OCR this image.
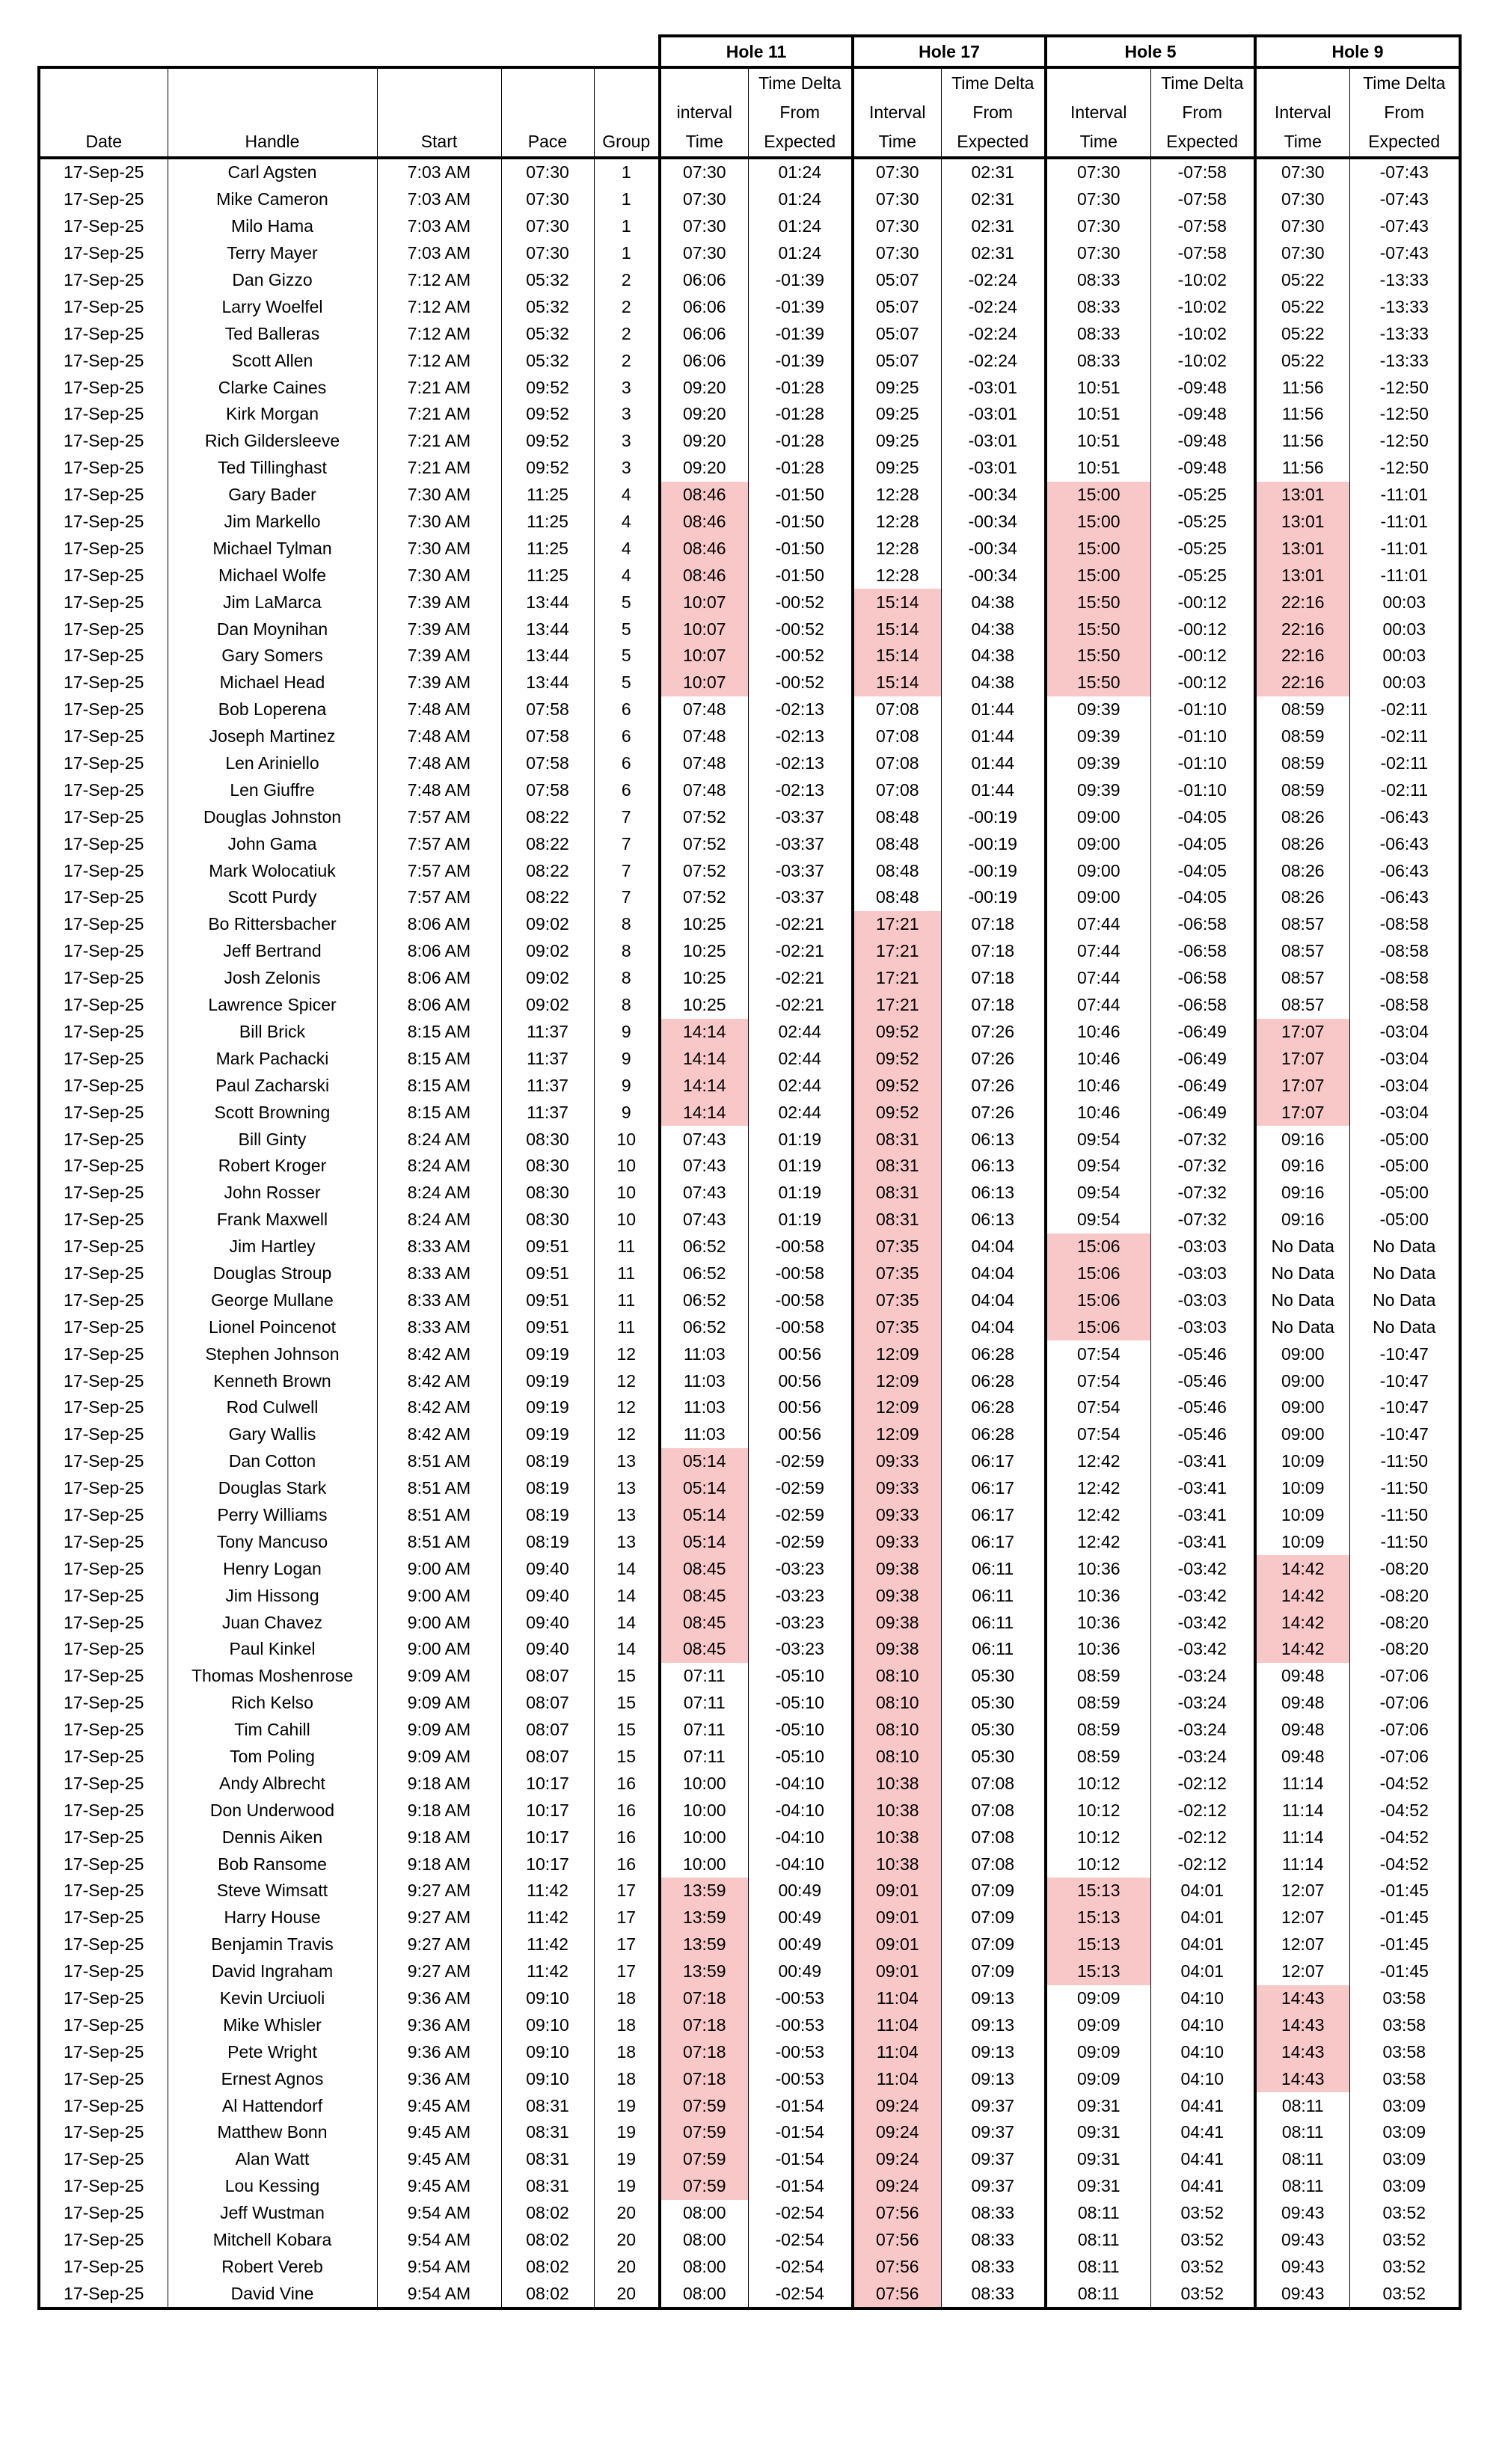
					Hole 11		Hole 17		Hole 5		Hole 9	
						Time Delta		Time Delta		Time Delta		Time Delta
					interval	From	Interval	From	Interval	From	Interval	From
Date	Handle	Start	Pace	Group	Time	Expected	Time	Expected	Time	Expected	Time	Expected
17-Sep-25	Carl Agsten	7:03 AM	07:30	1	07:30	01:24	07:30	02:31	07:30	-07:58	07:30	-07:43
17-Sep-25	Mike Cameron	7:03 AM	07:30	1	07:30	01:24	07:30	02:31	07:30	-07:58	07:30	-07:43
17-Sep-25	Milo Hama	7:03 AM	07:30	1	07:30	01:24	07:30	02:31	07:30	-07:58	07:30	-07:43
17-Sep-25	Terry Mayer	7:03 AM	07:30	1	07:30	01:24	07:30	02:31	07:30	-07:58	07:30	-07:43
17-Sep-25	Dan Gizzo	7:12 AM	05:32	2	06:06	-01:39	05:07	-02:24	08:33	-10:02	05:22	-13:33
17-Sep-25	Larry Woelfel	7:12 AM	05:32	2	06:06	-01:39	05:07	-02:24	08:33	-10:02	05:22	-13:33
17-Sep-25	Ted Balleras	7:12 AM	05:32	2	06:06	-01:39	05:07	-02:24	08:33	-10:02	05:22	-13:33
17-Sep-25	Scott Allen	7:12 AM	05:32	2	06:06	-01:39	05:07	-02:24	08:33	-10:02	05:22	-13:33
17-Sep-25	Clarke Caines	7:21 AM	09:52	3	09:20	-01:28	09:25	-03:01	10:51	-09:48	11:56	-12:50
17-Sep-25	Kirk Morgan	7:21 AM	09:52	3	09:20	-01:28	09:25	-03:01	10:51	-09:48	11:56	-12:50
17-Sep-25	Rich Gildersleeve	7:21 AM	09:52	3	09:20	-01:28	09:25	-03:01	10:51	-09:48	11:56	-12:50
17-Sep-25	Ted Tillinghast	7:21 AM	09:52	3	09:20	-01:28	09:25	-03:01	10:51	-09:48	11:56	-12:50
17-Sep-25	Gary Bader	7:30 AM	11:25	4	08:46	-01:50	12:28	-00:34	15:00	-05:25	13:01	-11:01
17-Sep-25	Jim Markello	7:30 AM	11:25	4	08:46	-01:50	12:28	-00:34	15:00	-05:25	13:01	-11:01
17-Sep-25	Michael Tylman	7:30 AM	11:25	4	08:46	-01:50	12:28	-00:34	15:00	-05:25	13:01	-11:01
17-Sep-25	Michael Wolfe	7:30 AM	11:25	4	08:46	-01:50	12:28	-00:34	15:00	-05:25	13:01	-11:01
17-Sep-25	Jim LaMarca	7:39 AM	13:44	5	10:07	-00:52	15:14	04:38	15:50	-00:12	22:16	00:03
17-Sep-25	Dan Moynihan	7:39 AM	13:44	5	10:07	-00:52	15:14	04:38	15:50	-00:12	22:16	00:03
17-Sep-25	Gary Somers	7:39 AM	13:44	5	10:07	-00:52	15:14	04:38	15:50	-00:12	22:16	00:03
17-Sep-25	Michael Head	7:39 AM	13:44	5	10:07	-00:52	15:14	04:38	15:50	-00:12	22:16	00:03
17-Sep-25	Bob Loperena	7:48 AM	07:58	6	07:48	-02:13	07:08	01:44	09:39	-01:10	08:59	-02:11
17-Sep-25	Joseph Martinez	7:48 AM	07:58	6	07:48	-02:13	07:08	01:44	09:39	-01:10	08:59	-02:11
17-Sep-25	Len Ariniello	7:48 AM	07:58	6	07:48	-02:13	07:08	01:44	09:39	-01:10	08:59	-02:11
17-Sep-25	Len Giuffre	7:48 AM	07:58	6	07:48	-02:13	07:08	01:44	09:39	-01:10	08:59	-02:11
17-Sep-25	Douglas Johnston	7:57 AM	08:22	7	07:52	-03:37	08:48	-00:19	09:00	-04:05	08:26	-06:43
17-Sep-25	John Gama	7:57 AM	08:22	7	07:52	-03:37	08:48	-00:19	09:00	-04:05	08:26	-06:43
17-Sep-25	Mark Wolocatiuk	7:57 AM	08:22	7	07:52	-03:37	08:48	-00:19	09:00	-04:05	08:26	-06:43
17-Sep-25	Scott Purdy	7:57 AM	08:22	7	07:52	-03:37	08:48	-00:19	09:00	-04:05	08:26	-06:43
17-Sep-25	Bo Rittersbacher	8:06 AM	09:02	8	10:25	-02:21	17:21	07:18	07:44	-06:58	08:57	-08:58
17-Sep-25	Jeff Bertrand	8:06 AM	09:02	8	10:25	-02:21	17:21	07:18	07:44	-06:58	08:57	-08:58
17-Sep-25	Josh Zelonis	8:06 AM	09:02	8	10:25	-02:21	17:21	07:18	07:44	-06:58	08:57	-08:58
17-Sep-25	Lawrence Spicer	8:06 AM	09:02	8	10:25	-02:21	17:21	07:18	07:44	-06:58	08:57	-08:58
17-Sep-25	Bill Brick	8:15 AM	11:37	9	14:14	02:44	09:52	07:26	10:46	-06:49	17:07	-03:04
17-Sep-25	Mark Pachacki	8:15 AM	11:37	9	14:14	02:44	09:52	07:26	10:46	-06:49	17:07	-03:04
17-Sep-25	Paul Zacharski	8:15 AM	11:37	9	14:14	02:44	09:52	07:26	10:46	-06:49	17:07	-03:04
17-Sep-25	Scott Browning	8:15 AM	11:37	9	14:14	02:44	09:52	07:26	10:46	-06:49	17:07	-03:04
17-Sep-25	Bill Ginty	8:24 AM	08:30	10	07:43	01:19	08:31	06:13	09:54	-07:32	09:16	-05:00
17-Sep-25	Robert Kroger	8:24 AM	08:30	10	07:43	01:19	08:31	06:13	09:54	-07:32	09:16	-05:00
17-Sep-25	John Rosser	8:24 AM	08:30	10	07:43	01:19	08:31	06:13	09:54	-07:32	09:16	-05:00
17-Sep-25	Frank Maxwell	8:24 AM	08:30	10	07:43	01:19	08:31	06:13	09:54	-07:32	09:16	-05:00
17-Sep-25	Jim Hartley	8:33 AM	09:51	11	06:52	-00:58	07:35	04:04	15:06	-03:03	No Data	No Data
17-Sep-25	Douglas Stroup	8:33 AM	09:51	11	06:52	-00:58	07:35	04:04	15:06	-03:03	No Data	No Data
17-Sep-25	George Mullane	8:33 AM	09:51	11	06:52	-00:58	07:35	04:04	15:06	-03:03	No Data	No Data
17-Sep-25	Lionel Poincenot	8:33 AM	09:51	11	06:52	-00:58	07:35	04:04	15:06	-03:03	No Data	No Data
17-Sep-25	Stephen Johnson	8:42 AM	09:19	12	11:03	00:56	12:09	06:28	07:54	-05:46	09:00	-10:47
17-Sep-25	Kenneth Brown	8:42 AM	09:19	12	11:03	00:56	12:09	06:28	07:54	-05:46	09:00	-10:47
17-Sep-25	Rod Culwell	8:42 AM	09:19	12	11:03	00:56	12:09	06:28	07:54	-05:46	09:00	-10:47
17-Sep-25	Gary Wallis	8:42 AM	09:19	12	11:03	00:56	12:09	06:28	07:54	-05:46	09:00	-10:47
17-Sep-25	Dan Cotton	8:51 AM	08:19	13	05:14	-02:59	09:33	06:17	12:42	-03:41	10:09	-11:50
17-Sep-25	Douglas Stark	8:51 AM	08:19	13	05:14	-02:59	09:33	06:17	12:42	-03:41	10:09	-11:50
17-Sep-25	Perry Williams	8:51 AM	08:19	13	05:14	-02:59	09:33	06:17	12:42	-03:41	10:09	-11:50
17-Sep-25	Tony Mancuso	8:51 AM	08:19	13	05:14	-02:59	09:33	06:17	12:42	-03:41	10:09	-11:50
17-Sep-25	Henry Logan	9:00 AM	09:40	14	08:45	-03:23	09:38	06:11	10:36	-03:42	14:42	-08:20
17-Sep-25	Jim Hissong	9:00 AM	09:40	14	08:45	-03:23	09:38	06:11	10:36	-03:42	14:42	-08:20
17-Sep-25	Juan Chavez	9:00 AM	09:40	14	08:45	-03:23	09:38	06:11	10:36	-03:42	14:42	-08:20
17-Sep-25	Paul Kinkel	9:00 AM	09:40	14	08:45	-03:23	09:38	06:11	10:36	-03:42	14:42	-08:20
17-Sep-25	Thomas Moshenrose	9:09 AM	08:07	15	07:11	-05:10	08:10	05:30	08:59	-03:24	09:48	-07:06
17-Sep-25	Rich Kelso	9:09 AM	08:07	15	07:11	-05:10	08:10	05:30	08:59	-03:24	09:48	-07:06
17-Sep-25	Tim Cahill	9:09 AM	08:07	15	07:11	-05:10	08:10	05:30	08:59	-03:24	09:48	-07:06
17-Sep-25	Tom Poling	9:09 AM	08:07	15	07:11	-05:10	08:10	05:30	08:59	-03:24	09:48	-07:06
17-Sep-25	Andy Albrecht	9:18 AM	10:17	16	10:00	-04:10	10:38	07:08	10:12	-02:12	11:14	-04:52
17-Sep-25	Don Underwood	9:18 AM	10:17	16	10:00	-04:10	10:38	07:08	10:12	-02:12	11:14	-04:52
17-Sep-25	Dennis Aiken	9:18 AM	10:17	16	10:00	-04:10	10:38	07:08	10:12	-02:12	11:14	-04:52
17-Sep-25	Bob Ransome	9:18 AM	10:17	16	10:00	-04:10	10:38	07:08	10:12	-02:12	11:14	-04:52
17-Sep-25	Steve Wimsatt	9:27 AM	11:42	17	13:59	00:49	09:01	07:09	15:13	04:01	12:07	-01:45
17-Sep-25	Harry House	9:27 AM	11:42	17	13:59	00:49	09:01	07:09	15:13	04:01	12:07	-01:45
17-Sep-25	Benjamin Travis	9:27 AM	11:42	17	13:59	00:49	09:01	07:09	15:13	04:01	12:07	-01:45
17-Sep-25	David Ingraham	9:27 AM	11:42	17	13:59	00:49	09:01	07:09	15:13	04:01	12:07	-01:45
17-Sep-25	Kevin Urciuoli	9:36 AM	09:10	18	07:18	-00:53	11:04	09:13	09:09	04:10	14:43	03:58
17-Sep-25	Mike Whisler	9:36 AM	09:10	18	07:18	-00:53	11:04	09:13	09:09	04:10	14:43	03:58
17-Sep-25	Pete Wright	9:36 AM	09:10	18	07:18	-00:53	11:04	09:13	09:09	04:10	14:43	03:58
17-Sep-25	Ernest Agnos	9:36 AM	09:10	18	07:18	-00:53	11:04	09:13	09:09	04:10	14:43	03:58
17-Sep-25	Al Hattendorf	9:45 AM	08:31	19	07:59	-01:54	09:24	09:37	09:31	04:41	08:11	03:09
17-Sep-25	Matthew Bonn	9:45 AM	08:31	19	07:59	-01:54	09:24	09:37	09:31	04:41	08:11	03:09
17-Sep-25	Alan Watt	9:45 AM	08:31	19	07:59	-01:54	09:24	09:37	09:31	04:41	08:11	03:09
17-Sep-25	Lou Kessing	9:45 AM	08:31	19	07:59	-01:54	09:24	09:37	09:31	04:41	08:11	03:09
17-Sep-25	Jeff Wustman	9:54 AM	08:02	20	08:00	-02:54	07:56	08:33	08:11	03:52	09:43	03:52
17-Sep-25	Mitchell Kobara	9:54 AM	08:02	20	08:00	-02:54	07:56	08:33	08:11	03:52	09:43	03:52
17-Sep-25	Robert Vereb	9:54 AM	08:02	20	08:00	-02:54	07:56	08:33	08:11	03:52	09:43	03:52
17-Sep-25	David Vine	9:54 AM	08:02	20	08:00	-02:54	07:56	08:33	08:11	03:52	09:43	03:52
